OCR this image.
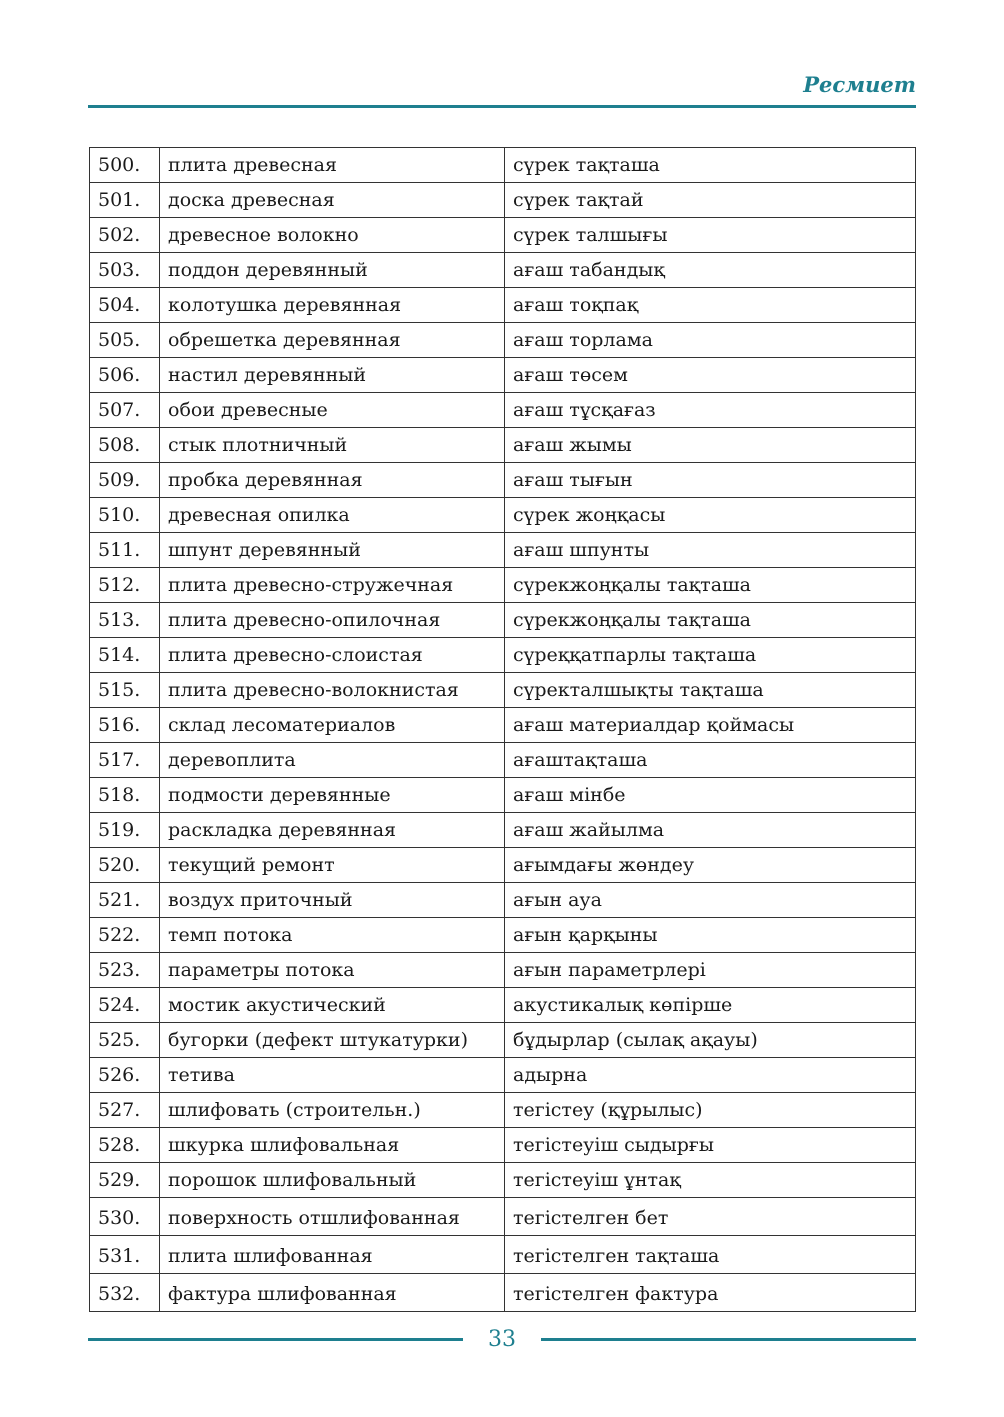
Ресмиет
500.	плита древесная	сүрек тақташа
501.	доска древесная	сүрек тақтай
502.	древесное волокно	сүрек талшығы
503.	поддон деревянный	ағаш табандық
504.	колотушка деревянная	ағаш тоқпақ
505.	обрешетка деревянная	ағаш торлама
506.	настил деревянный	ағаш төсем
507.	обои древесные	ағаш тұсқағаз
508.	стык плотничный	ағаш жымы
509.	пробка деревянная	ағаш тығын
510.	древесная опилка	сүрек жоңқасы
511.	шпунт деревянный	ағаш шпунты
512.	плита древесно-стружечная	сүрекжоңқалы тақташа
513.	плита древесно-опилочная	сүрекжоңқалы тақташа
514.	плита древесно-слоистая	сүреққатпарлы тақташа
515.	плита древесно-волокнистая	сүректалшықты тақташа
516.	склад лесоматериалов	ағаш материалдар қоймасы
517.	деревоплита	ағаштақташа
518.	подмости деревянные	ағаш мінбе
519.	раскладка деревянная	ағаш жайылма
520.	текущий ремонт	ағымдағы жөндеу
521.	воздух приточный	ағын ауа
522.	темп потока	ағын қарқыны
523.	параметры потока	ағын параметрлері
524.	мостик акустический	акустикалық көпірше
525.	бугорки (дефект штукатурки)	бұдырлар (сылақ ақауы)
526.	тетива	адырна
527.	шлифовать (строительн.)	тегістеу (құрылыс)
528.	шкурка шлифовальная	тегістеуіш сыдырғы
529.	порошок шлифовальный	тегістеуіш ұнтақ
530.	поверхность отшлифованная	тегістелген бет
531.	плита шлифованная	тегістелген тақташа
532.	фактура шлифованная	тегістелген фактура
33
